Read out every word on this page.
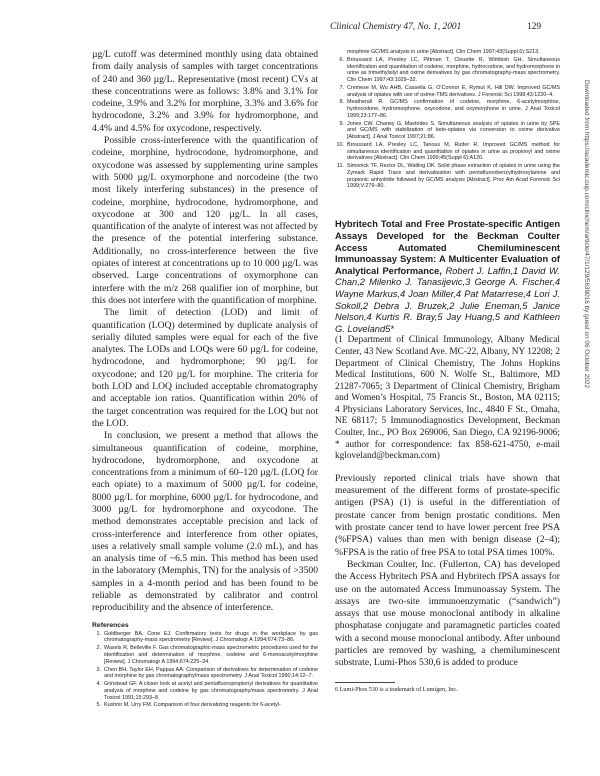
Clinical Chemistry 47, No. 1, 2001	129

µg/L cutoff was determined monthly using data obtained from daily analysis of samples with target concentrations of 240 and 360 µg/L. Representative (most recent) CVs at these concentrations were as follows: 3.8% and 3.1% for codeine, 3.9% and 3.2% for morphine, 3.3% and 3.6% for hydrocodone, 3.2% and 3.9% for hydromorphone, and 4.4% and 4.5% for oxycodone, respectively.

Possible cross-interference with the quantification of codeine, morphine, hydrocodone, hydromorphone, and oxycodone was assessed by supplementing urine samples with 5000 µg/L oxymorphone and norcodeine (the two most likely interfering substances) in the presence of codeine, morphine, hydrocodone, hydromorphone, and oxycodone at 300 and 120 µg/L. In all cases, quantification of the analyte of interest was not affected by the presence of the potential interfering substance. Additionally, no cross-interference between the five opiates of interest at concentrations up to 10 000 µg/L was observed. Large concentrations of oxymorphone can interfere with the m/z 268 qualifier ion of morphine, but this does not interfere with the quantification of morphine.

The limit of detection (LOD) and limit of quantification (LOQ) determined by duplicate analysis of serially diluted samples were equal for each of the five analytes. The LODs and LOQs were 60 µg/L for codeine, hydrocodone, and hydromorphone; 90 µg/L for oxycodone; and 120 µg/L for morphine. The criteria for both LOD and LOQ included acceptable chromatography and acceptable ion ratios. Quantification within 20% of the target concentration was required for the LOQ but not the LOD.

In conclusion, we present a method that allows the simultaneous quantification of codeine, morphine, hydrocodone, hydromorphone, and oxycodone at concentrations from a minimum of 60–120 µg/L (LOQ for each opiate) to a maximum of 5000 µg/L for codeine, 8000 µg/L for morphine, 6000 µg/L for hydrocodone, and 3000 µg/L for hydromorphone and oxycodone. The method demonstrates acceptable precision and lack of cross-interference and interference from other opiates, uses a relatively small sample volume (2.0 mL), and has an analysis time of ~6.5 min. This method has been used in the laboratory (Memphis, TN) for the analysis of >3500 samples in a 4-month period and has been found to be reliable as demonstrated by calibrator and control reproducibility and the absence of interference.

References
1. Goldberger BA, Cone EJ. Confirmatory tests for drugs in the workplace by gas chromatography-mass spectrometry [Review]. J Chromatogr A 1994;674:73–86.
2. Wasels R, Belleville F. Gas chromatographic-mass spectrometric procedures used for the identification and determination of morphine, codeine and 6-monoacetylmorphine [Review]. J Chromatogr A 1994;674:225–34.
3. Chen BH, Taylor EH, Pappas AA. Comparison of derivatives for determination of codeine and morphine by gas chromatography/mass spectrometry. J Anal Toxicol 1990;14:12–7.
4. Grinstead GF. A closer look at acetyl and pentafluoropropionyl derivatives for quantitative analysis of morphine and codeine by gas chromatography/mass spectrometry. J Anal Toxicol 1991;15:293–8.
5. Kushnir M, Urry FM. Comparison of four derivatizing reagents for 6-acetyl-
morphine GC/MS analysis in urine [Abstract]. Clin Chem 1997;43(Suppl 6):S213.
6. Broussard LA, Presley LC, Pittman T, Clouette R, Wimbish GH. Simultaneous identification and quantitation of codeine, morphine, hydrocodone, and hydromorphone in urine as trimethylsilyl and oxime derivatives by gas chromatography-mass spectrometry. Clin Chem 1997;43:1029–32.
7. Cremese M, Wu AHB, Cassella G, O’Connor E, Rymut K, Hill DW. Improved GC/MS analysis of opiates with use of oxime-TMS derivatives. J Forensic Sci 1998;43:1220–4.
8. Meatherall R. GC/MS confirmation of codeine, morphine, 6-acetylmorphine, hydrocodone, hydromorphone, oxycodone, and oxymorphone in urine. J Anal Toxicol 1999;23:177–86.
9. Jones CW, Chaney G, Mastrides S. Simultaneous analysis of opiates in urine by SPE and GC/MS with stabilization of keto-opiates via conversion to oxime derivative [Abstract]. J Anal Toxicol 1997;21:86.
10. Broussard LA, Presley LC, Tanous M, Rutter R. Improved GC/MS method for simultaneous identification and quantitation of opiates in urine as propionyl and oxime derivatives [Abstract]. Clin Chem 1999;45(Suppl 6):A120.
11. Simonick TF, Rector DL, Watling DK. Solid phase extraction of opiates in urine using the Zymark Rapid Trace and derivatization with pentafluorobenzylhydroxylamine and propionic anhydride followed by GC/MS analysis [Abstract]. Proc Am Acad Forensic Sci 1999;V:279–80.

Hybritech Total and Free Prostate-specific Antigen Assays Developed for the Beckman Coulter Access Automated Chemiluminescent Immunoassay System: A Multicenter Evaluation of Analytical Performance, Robert J. Laffin,1 David W. Chan,2 Milenko J. Tanasijevic,3 George A. Fischer,4 Wayne Markus,4 Joan Miller,4 Pat Matarrese,4 Lori J. Sokoll,2 Debra J. Bruzek,2 Julie Eneman,5 Janice Nelson,4 Kurtis R. Bray,5 Jay Huang,5 and Kathleen G. Loveland5*

(1 Department of Clinical Immunology, Albany Medical Center, 43 New Scotland Ave. MC-22, Albany, NY 12208; 2 Department of Clinical Chemistry, The Johns Hopkins Medical Institutions, 600 N. Wolfe St., Baltimore, MD 21287-7065; 3 Department of Clinical Chemistry, Brigham and Women’s Hospital, 75 Francis St., Boston, MA 02115; 4 Physicians Laboratory Services, Inc., 4840 F St., Omaha, NE 68117; 5 Immunodiagnostics Development, Beckman Coulter, Inc., PO Box 269006, San Diego, CA 92196-9006; * author for correspondence: fax 858-621-4750, e-mail kgloveland@beckman.com)

Previously reported clinical trials have shown that measurement of the different forms of prostate-specific antigen (PSA) (1) is useful in the differentiation of prostate cancer from benign prostatic conditions. Men with prostate cancer tend to have lower percent free PSA (%FPSA) values than men with benign disease (2–4); %FPSA is the ratio of free PSA to total PSA times 100%.

Beckman Coulter, Inc. (Fullerton, CA) has developed the Access Hybritech PSA and Hybritech fPSA assays for use on the automated Access Immunoassay System. The assays are two-site immunoenzymatic (“sandwich”) assays that use mouse monoclonal antibody in alkaline phosphatase conjugate and paramagnetic particles coated with a second mouse monoclonal antibody. After unbound particles are removed by washing, a chemiluminescent substrate, Lumi-Phos 530,6 is added to produce

6 Lumi-Phos 530 is a trademark of Lumigen, Inc.
Downloaded from https://academic.oup.com/clinchem/article/47/1/129/5639016 by guest on 06 October 2022
